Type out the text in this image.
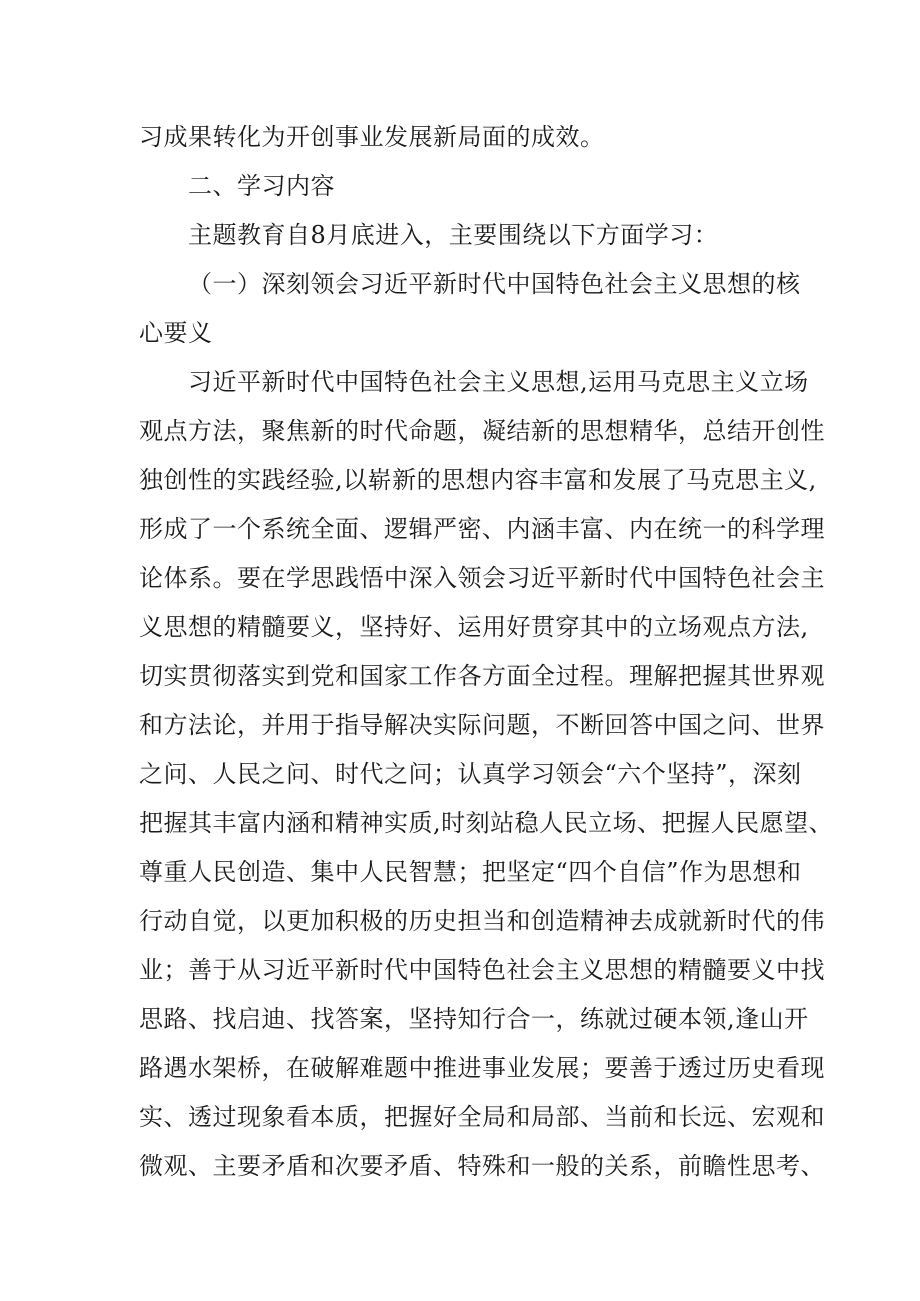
习成果转化为开创事业发展新局面的成效。
二、学习内容
主题教育自8月底进入，主要围绕以下方面学习：
（一）深刻领会习近平新时代中国特色社会主义思想的核
心要义
习近平新时代中国特色社会主义思想,运用马克思主义立场
观点方法，聚焦新的时代命题，凝结新的思想精华，总结开创性
独创性的实践经验,以崭新的思想内容丰富和发展了马克思主义,
形成了一个系统全面、逻辑严密、内涵丰富、内在统一的科学理
论体系。要在学思践悟中深入领会习近平新时代中国特色社会主
义思想的精髓要义，坚持好、运用好贯穿其中的立场观点方法,
切实贯彻落实到党和国家工作各方面全过程。理解把握其世界观
和方法论，并用于指导解决实际问题，不断回答中国之问、世界
之问、人民之问、时代之问；认真学习领会“六个坚持”，深刻
把握其丰富内涵和精神实质,时刻站稳人民立场、把握人民愿望、
尊重人民创造、集中人民智慧；把坚定“四个自信”作为思想和
行动自觉，以更加积极的历史担当和创造精神去成就新时代的伟
业；善于从习近平新时代中国特色社会主义思想的精髓要义中找
思路、找启迪、找答案，坚持知行合一，练就过硬本领,逢山开
路遇水架桥，在破解难题中推进事业发展；要善于透过历史看现
实、透过现象看本质，把握好全局和局部、当前和长远、宏观和
微观、主要矛盾和次要矛盾、特殊和一般的关系，前瞻性思考、
